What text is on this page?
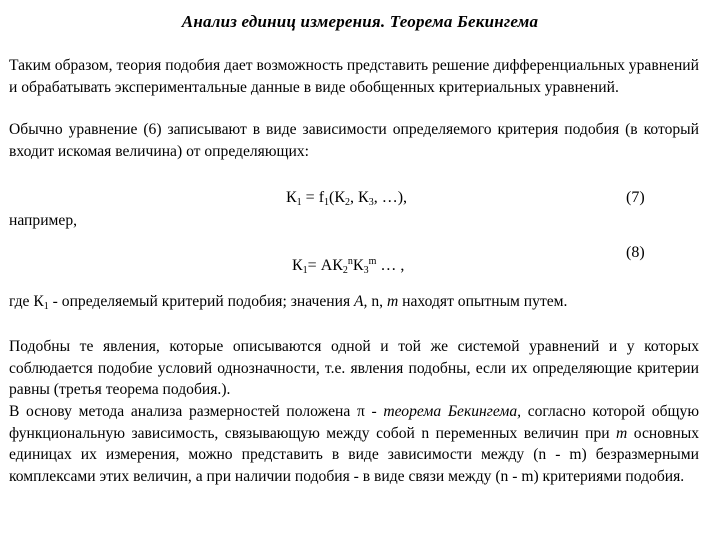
Анализ единиц измерения. Теорема Бекингема

Таким образом, теория подобия дает возможность представить решение дифференциальных уравнений и обрабатывать экспериментальные данные в виде обобщенных критериальных уравнений.

Обычно уравнение (6) записывают в виде зависимости определяемого критерия подобия (в который входит искомая величина) от определяющих:

$К_1 = f_1(К_2$, $К_3$, …),	(7)
например,
$К_1= АК_2^nК_3^m$ … ,
(8)

где $К_1$ - определяемый критерий подобия; значения А, n, m находят опытным путем.

Подобны те явления, которые описываются одной и той же системой уравнений и у которых соблюдается подобие условий однозначности, т.е. явления подобны, если их определяющие критерии равны (третья теорема подобия.).

В основу метода анализа размерностей положена π - теорема Бекингема, согласно которой общую функциональную зависимость, связывающую между собой n переменных величин при m основных единицах их измерения, можно представить в виде зависимости между (n - m) безразмерными комплексами этих величин, а при наличии подобия - в виде связи между (n - m) критериями подобия.
